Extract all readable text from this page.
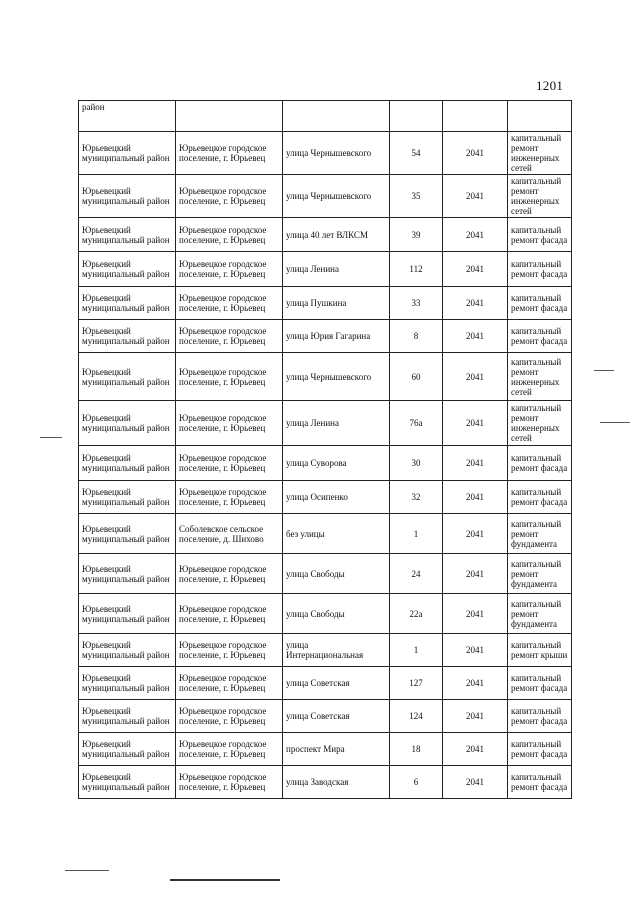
1201
район					
Юрьевецкий муниципальный район	Юрьевецкое городское поселение, г. Юрьевец	улица Чернышевского	54	2041	капитальный ремонт инженерных сетей
Юрьевецкий муниципальный район	Юрьевецкое городское поселение, г. Юрьевец	улица Чернышевского	35	2041	капитальный ремонт инженерных сетей
Юрьевецкий муниципальный район	Юрьевецкое городское поселение, г. Юрьевец	улица 40 лет ВЛКСМ	39	2041	капитальный ремонт фасада
Юрьевецкий муниципальный район	Юрьевецкое городское поселение, г. Юрьевец	улица Ленина	112	2041	капитальный ремонт фасада
Юрьевецкий муниципальный район	Юрьевецкое городское поселение, г. Юрьевец	улица Пушкина	33	2041	капитальный ремонт фасада
Юрьевецкий муниципальный район	Юрьевецкое городское поселение, г. Юрьевец	улица Юрия Гагарина	8	2041	капитальный ремонт фасада
Юрьевецкий муниципальный район	Юрьевецкое городское поселение, г. Юрьевец	улица Чернышевского	60	2041	капитальный ремонт инженерных сетей
Юрьевецкий муниципальный район	Юрьевецкое городское поселение, г. Юрьевец	улица Ленина	76а	2041	капитальный ремонт инженерных сетей
Юрьевецкий муниципальный район	Юрьевецкое городское поселение, г. Юрьевец	улица Суворова	30	2041	капитальный ремонт фасада
Юрьевецкий муниципальный район	Юрьевецкое городское поселение, г. Юрьевец	улица Осипенко	32	2041	капитальный ремонт фасада
Юрьевецкий муниципальный район	Соболевское сельское поселение, д. Шихово	без улицы	1	2041	капитальный ремонт фундамента
Юрьевецкий муниципальный район	Юрьевецкое городское поселение, г. Юрьевец	улица Свободы	24	2041	капитальный ремонт фундамента
Юрьевецкий муниципальный район	Юрьевецкое городское поселение, г. Юрьевец	улица Свободы	22а	2041	капитальный ремонт фундамента
Юрьевецкий муниципальный район	Юрьевецкое городское поселение, г. Юрьевец	улица Интернациональная	1	2041	капитальный ремонт крыши
Юрьевецкий муниципальный район	Юрьевецкое городское поселение, г. Юрьевец	улица Советская	127	2041	капитальный ремонт фасада
Юрьевецкий муниципальный район	Юрьевецкое городское поселение, г. Юрьевец	улица Советская	124	2041	капитальный ремонт фасада
Юрьевецкий муниципальный район	Юрьевецкое городское поселение, г. Юрьевец	проспект Мира	18	2041	капитальный ремонт фасада
Юрьевецкий муниципальный район	Юрьевецкое городское поселение, г. Юрьевец	улица Заводская	6	2041	капитальный ремонт фасада
